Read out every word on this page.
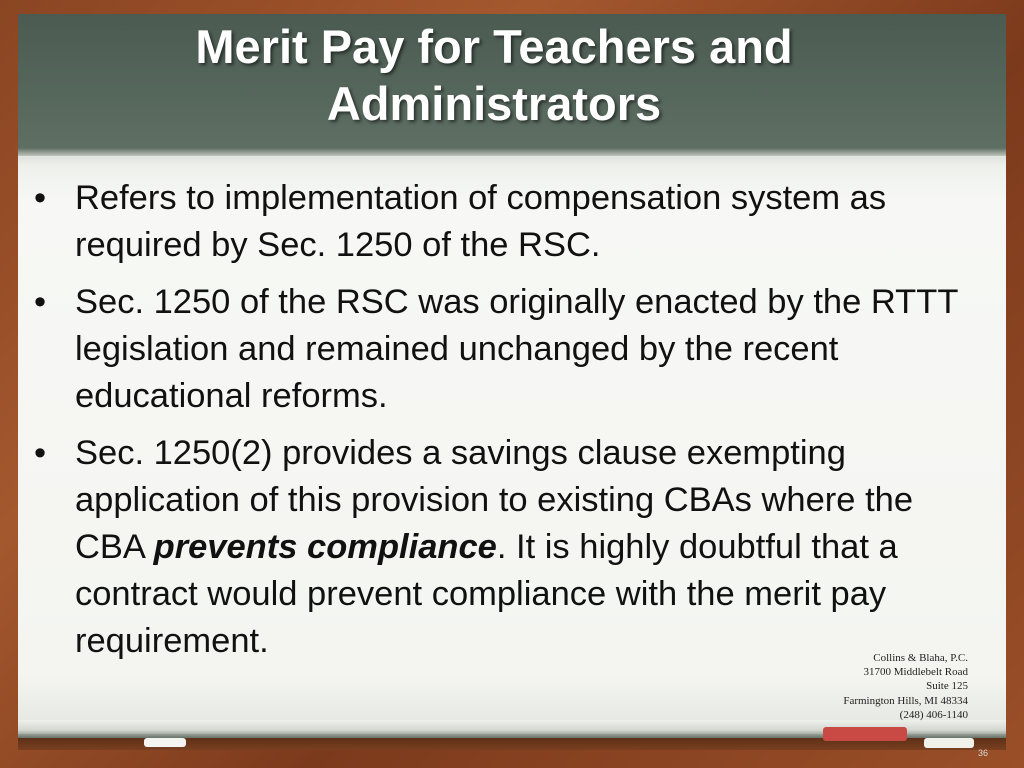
Merit Pay for Teachers and
Administrators
• Refers to implementation of compensation system as required by Sec. 1250 of the RSC.
• Sec. 1250 of the RSC was originally enacted by the RTTT legislation and remained unchanged by the recent educational reforms.
• Sec. 1250(2) provides a savings clause exempting application of this provision to existing CBAs where the CBA prevents compliance. It is highly doubtful that a contract would prevent compliance with the merit pay requirement.	Collins & Blaha, P.C.
31700 Middlebelt Road
Suite 125
Farmington Hills, MI 48334
(248) 406-1140
36
